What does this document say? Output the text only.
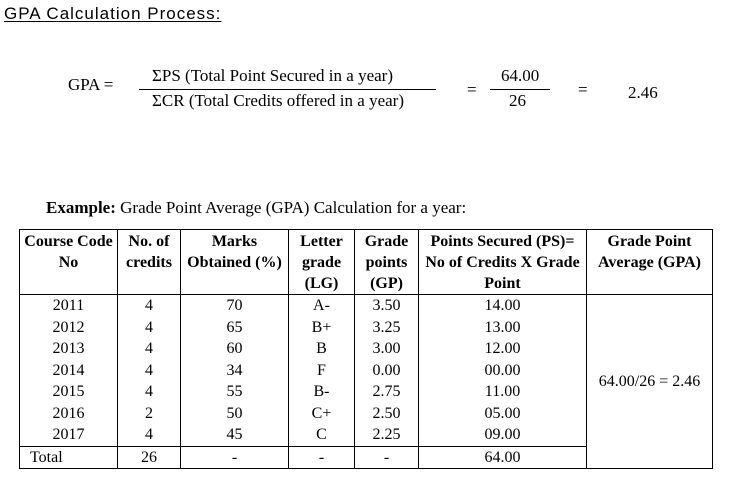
GPA Calculation Process:
GPA = ΣPS (Total Point Secured in a year)
ΣCR (Total Credits offered in a year)
=
64.00
26
= 2.46
Example: Grade Point Average (GPA) Calculation for a year:
Course Code No	No. of credits	Marks Obtained (%)	Letter grade (LG)	Grade points (GP)	Points Secured (PS)= No of Credits X Grade Point	Grade Point Average (GPA)
2011	4	70	A-	3.50	14.00	64.00/26 = 2.46
2012	4	65	B+	3.25	13.00	
2013	4	60	B	3.00	12.00	
2014	4	34	F	0.00	00.00	
2015	4	55	B-	2.75	11.00	
2016	2	50	C+	2.50	05.00	
2017	4	45	C	2.25	09.00	
Total	26	-	-	-	64.00	
